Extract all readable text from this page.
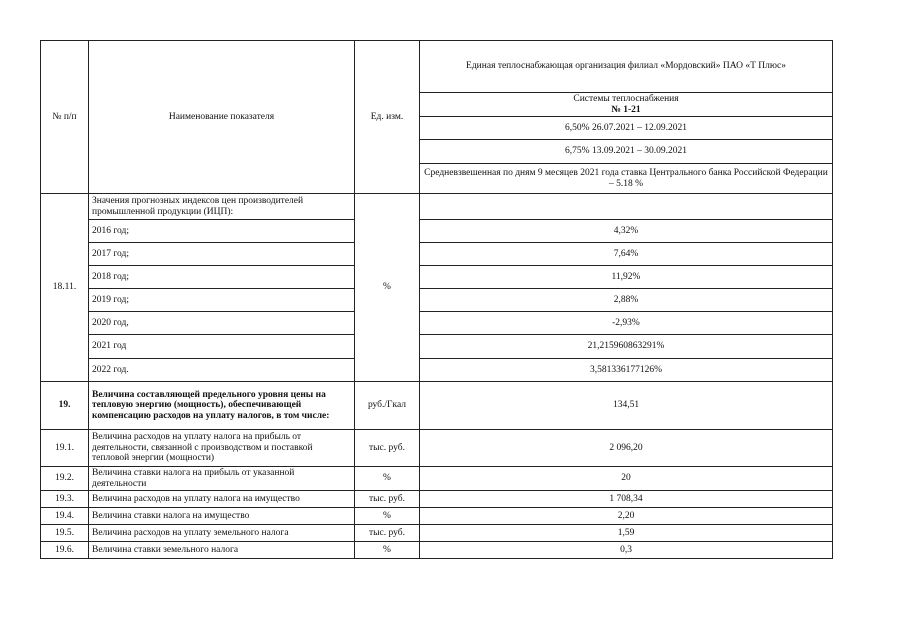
№ п/п	Наименование показателя	Ед. изм.	Единая теплоснабжающая организация филиал «Мордовский» ПАО «Т Плюс»

			Системы теплоснабжения
№ 1-21

			6,50% 26.07.2021 – 12.09.2021
			6,75% 13.09.2021 – 30.09.2021
			Средневзвешенная по дням 9 месяцев 2021 года ставка Центрального банка Российской Федерации – 5.18 %
18.11.	Значения прогнозных индексов цен производителей промышленной продукции (ИЦП):	%	
	2016 год;		4,32%
	2017 год;		7,64%
	2018 год;		11,92%
	2019 год;		2,88%
	2020 год,		-2,93%
	2021 год		21,215960863291%
	2022 год.		3,581336177126%
19.	Величина составляющей предельного уровня цены на тепловую энергию (мощность), обеспечивающей компенсацию расходов на уплату налогов, в том числе:	руб./Гкал	134,51
19.1.	Величина расходов на уплату налога на прибыль от деятельности, связанной с производством и поставкой тепловой энергии (мощности)	тыс. руб.	2 096,20
19.2.	Величина ставки налога на прибыль от указанной деятельности	%	20
19.3.	Величина расходов на уплату налога на имущество	тыс. руб.	1 708,34
19.4.	Величина ставки налога на имущество	%	2,20
19.5.	Величина расходов на уплату земельного налога	тыс. руб.	1,59
19.6.	Величина ставки земельного налога	%	0,3
